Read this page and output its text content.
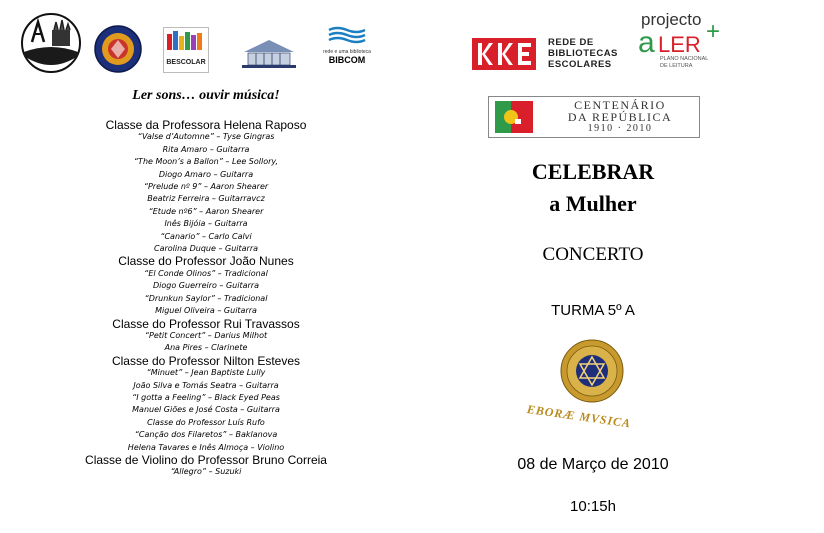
BESCOLAR
rede e uma biblioteca
BIBCOM
REDE DE
BIBLIOTECAS
ESCOLARES
projecto
a LER +
PLANO NACIONAL
DE LEITURA
CENTENÁRIO
DA REPÚBLICA
1910 · 2010
Ler sons… ouvir música!
Classe da Professora Helena Raposo
“Valse d’Automne” – Tyse Gingras
Rita Amaro – Guitarra
“The Moon’s a Ballon” – Lee Sollory,
Diogo Amaro – Guitarra
“Prelude nº 9” – Aaron Shearer
Beatriz Ferreira – Guitarravcz
“Etude nº6” – Aaron Shearer
Inês Bijóia – Guitarra
“Canario” – Carlo Calvi
Carolina Duque – Guitarra
Classe do Professor João Nunes
“El Conde Olinos” – Tradicional
Diogo Guerreiro – Guitarra
“Drunkun Saylor” – Tradicional
Miguel Oliveira – Guitarra
Classe do Professor Rui Travassos
“Petit Concert” – Darius Milhot
Ana Pires – Clarinete
Classe do Professor Nilton Esteves
“Minuet” – Jean Baptiste Lully
João Silva e Tomás Seatra – Guitarra
“I gotta a Feeling” – Black Eyed Peas
Manuel Giões e José Costa – Guitarra
Classe do Professor Luís Rufo
“Canção dos Filaretos” – Baklanova
Helena Tavares e Inês Almoça – Violino
Classe de Violino do Professor Bruno Correia
“Allegro” – Suzuki
CELEBRAR
a Mulher
CONCERTO
TURMA 5º A
EBORÆ MVSICA
08 de Março de 2010
10:15h
